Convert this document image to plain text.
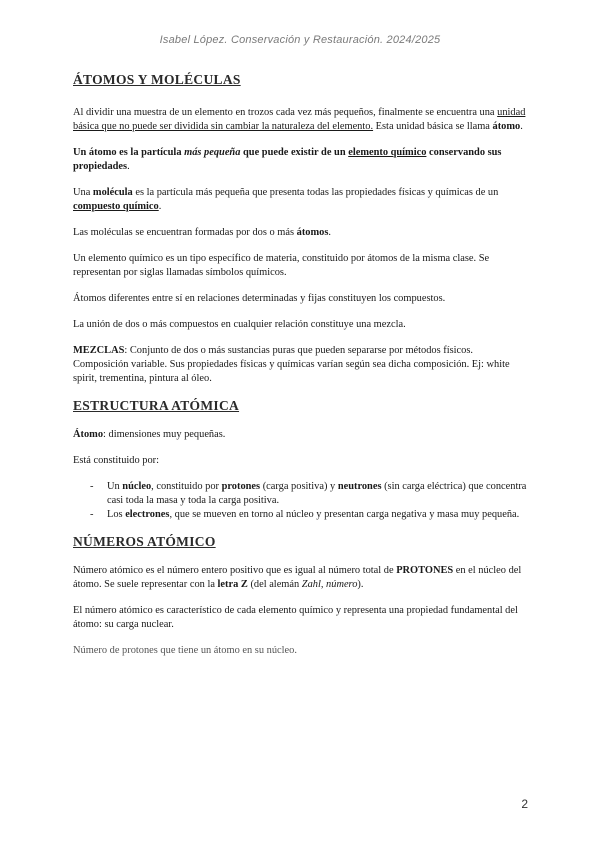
Isabel López. Conservación y Restauración. 2024/2025
ÁTOMOS Y MOLÉCULAS

Al dividir una muestra de un elemento en trozos cada vez más pequeños, finalmente se encuentra una unidad básica que no puede ser dividida sin cambiar la naturaleza del elemento. Esta unidad básica se llama átomo.

Un átomo es la partícula más pequeña que puede existir de un elemento químico conservando sus propiedades.

Una molécula es la partícula más pequeña que presenta todas las propiedades físicas y químicas de un compuesto químico.

Las moléculas se encuentran formadas por dos o más átomos.

Un elemento químico es un tipo específico de materia, constituido por átomos de la misma clase. Se representan por siglas llamadas símbolos químicos.

Átomos diferentes entre sí en relaciones determinadas y fijas constituyen los compuestos.

La unión de dos o más compuestos en cualquier relación constituye una mezcla.

MEZCLAS: Conjunto de dos o más sustancias puras que pueden separarse por métodos físicos. Composición variable. Sus propiedades físicas y químicas varían según sea dicha composición. Ej: white spirit, trementina, pintura al óleo.

ESTRUCTURA ATÓMICA

Átomo: dimensiones muy pequeñas.

Está constituido por:

- Un núcleo, constituido por protones (carga positiva) y neutrones (sin carga eléctrica) que concentra casi toda la masa y toda la carga positiva.
- Los electrones, que se mueven en torno al núcleo y presentan carga negativa y masa muy pequeña.
NÚMEROS ATÓMICO

Número atómico es el número entero positivo que es igual al número total de PROTONES en el núcleo del átomo. Se suele representar con la letra Z (del alemán Zahl, número).

El número atómico es característico de cada elemento químico y representa una propiedad fundamental del átomo: su carga nuclear.

Número de protones que tiene un átomo en su núcleo.

2
